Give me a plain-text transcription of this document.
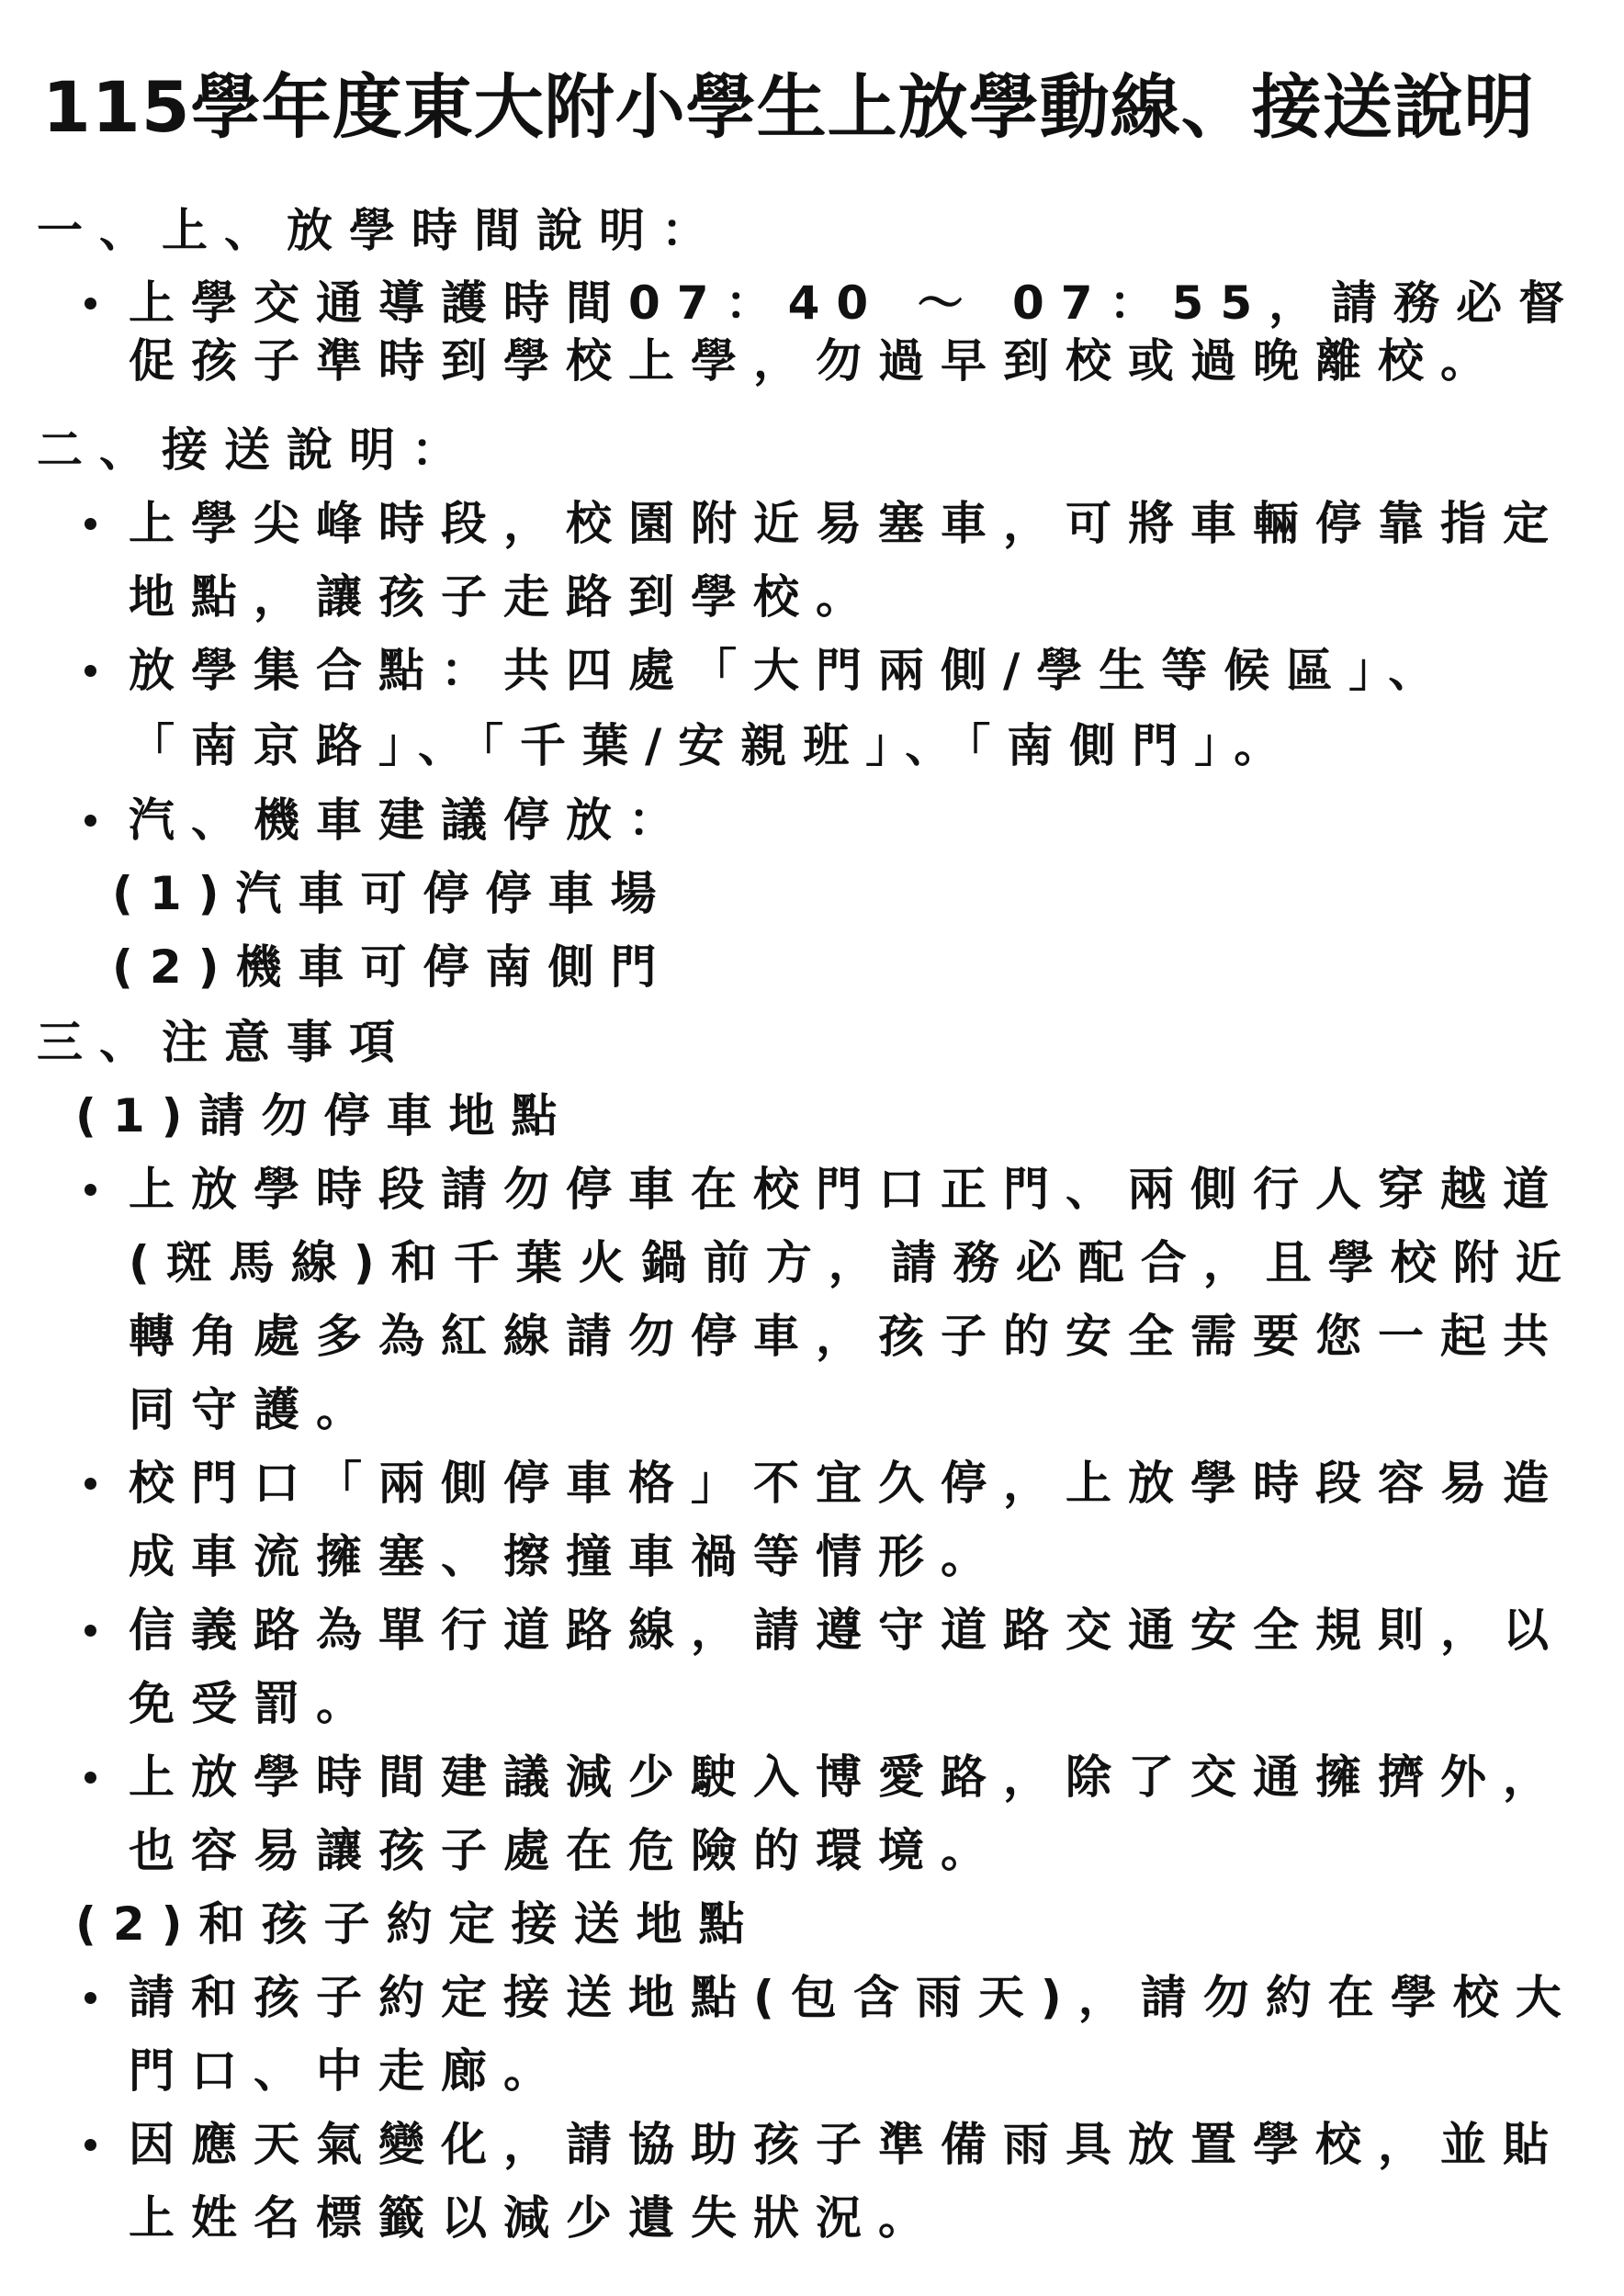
115學年度東大附小學生上放學動線、接送說明
一、上、放學時間說明：
上學交通導護時間07：40 ～ 07：55，請務必督
促孩子準時到學校上學，勿過早到校或過晚離校。
二、接送說明：
上學尖峰時段，校園附近易塞車，可將車輛停靠指定
地點，讓孩子走路到學校。
放學集合點：共四處「大門兩側/學生等候區」、
「南京路」、「千葉/安親班」、「南側門」。
汽、機車建議停放：
(1)汽車可停停車場
(2)機車可停南側門
三、注意事項
(1)請勿停車地點
上放學時段請勿停車在校門口正門、兩側行人穿越道
(斑馬線)和千葉火鍋前方，請務必配合，且學校附近
轉角處多為紅線請勿停車，孩子的安全需要您一起共
同守護。
校門口「兩側停車格」不宜久停，上放學時段容易造
成車流擁塞、擦撞車禍等情形。
信義路為單行道路線，請遵守道路交通安全規則，以
免受罰。
上放學時間建議減少駛入博愛路，除了交通擁擠外，
也容易讓孩子處在危險的環境。
(2)和孩子約定接送地點
請和孩子約定接送地點(包含雨天)，請勿約在學校大
門口、中走廊。
因應天氣變化，請協助孩子準備雨具放置學校，並貼
上姓名標籤以減少遺失狀況。
